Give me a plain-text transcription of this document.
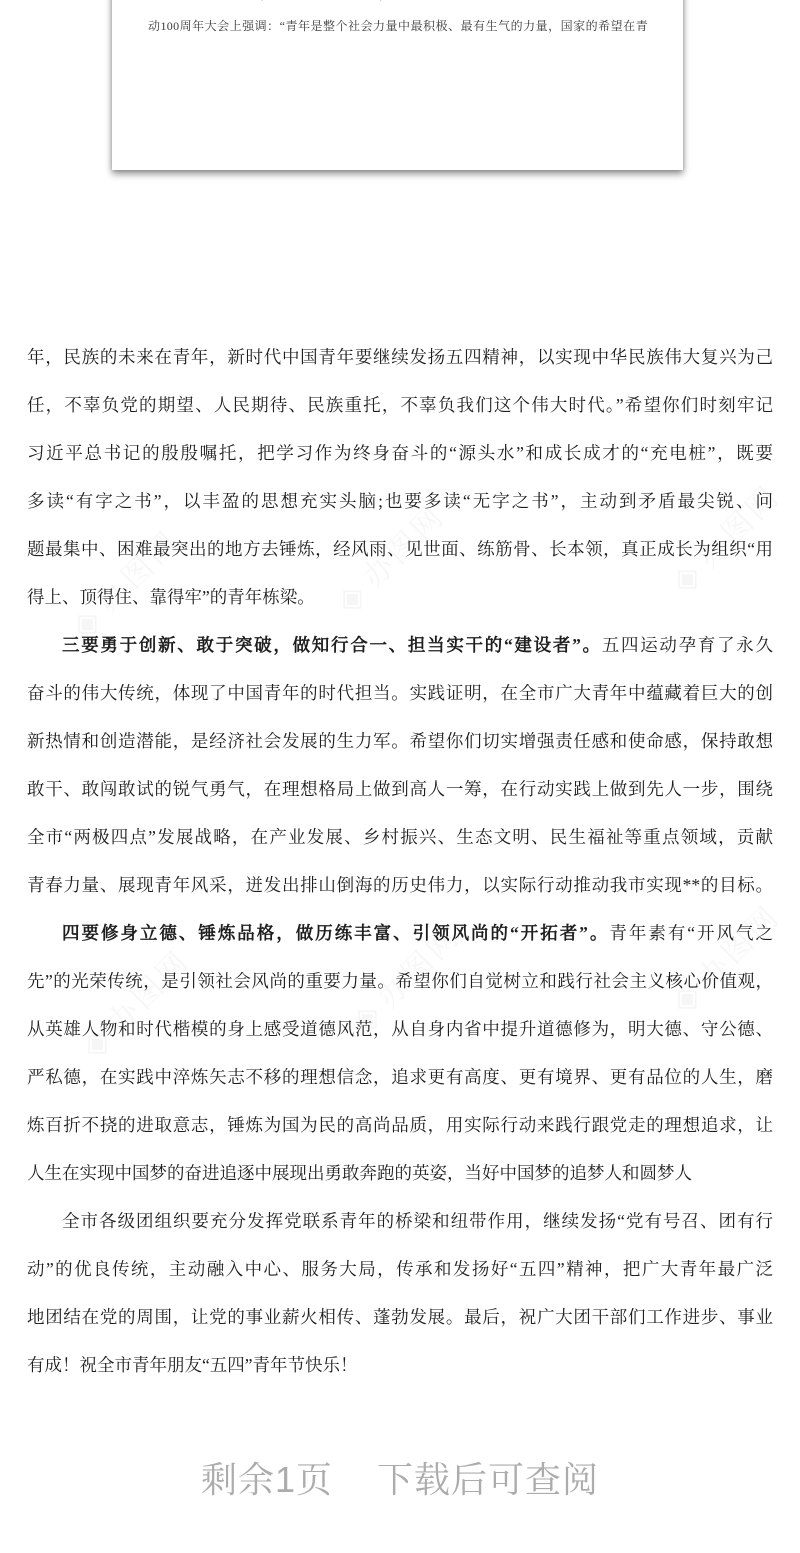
动100周年大会上强调：“青年是整个社会力量中最积极、最有生气的力量，国家的希望在青
年，民族的未来在青年，新时代中国青年要继续发扬五四精神，以实现中华民族伟大复兴为己
任，不辜负党的期望、人民期待、民族重托，不辜负我们这个伟大时代。”希望你们时刻牢记
习近平总书记的殷殷嘱托，把学习作为终身奋斗的“源头水”和成长成才的“充电桩”，既要
多读“有字之书”，以丰盈的思想充实头脑;也要多读“无字之书”，主动到矛盾最尖锐、问
题最集中、困难最突出的地方去锤炼，经风雨、见世面、练筋骨、长本领，真正成长为组织“用
得上、顶得住、靠得牢”的青年栋梁。
三要勇于创新、敢于突破，做知行合一、担当实干的“建设者”。五四运动孕育了永久
奋斗的伟大传统，体现了中国青年的时代担当。实践证明，在全市广大青年中蕴藏着巨大的创
新热情和创造潜能，是经济社会发展的生力军。希望你们切实增强责任感和使命感，保持敢想
敢干、敢闯敢试的锐气勇气，在理想格局上做到高人一筹，在行动实践上做到先人一步，围绕
全市“两极四点”发展战略，在产业发展、乡村振兴、生态文明、民生福祉等重点领域，贡献
青春力量、展现青年风采，迸发出排山倒海的历史伟力，以实际行动推动我市实现**的目标。
四要修身立德、锤炼品格，做历练丰富、引领风尚的“开拓者”。青年素有“开风气之
先”的光荣传统，是引领社会风尚的重要力量。希望你们自觉树立和践行社会主义核心价值观，
从英雄人物和时代楷模的身上感受道德风范，从自身内省中提升道德修为，明大德、守公德、
严私德，在实践中淬炼矢志不移的理想信念，追求更有高度、更有境界、更有品位的人生，磨
炼百折不挠的进取意志，锤炼为国为民的高尚品质，用实际行动来践行跟党走的理想追求，让
人生在实现中国梦的奋进追逐中展现出勇敢奔跑的英姿，当好中国梦的追梦人和圆梦人
全市各级团组织要充分发挥党联系青年的桥梁和纽带作用，继续发扬“党有号召、团有行
动”的优良传统，主动融入中心、服务大局，传承和发扬好“五四”精神，把广大青年最广泛
地团结在党的周围，让党的事业薪火相传、蓬勃发展。最后，祝广大团干部们工作进步、事业
有成！祝全市青年朋友“五四”青年节快乐！
剩余1页 下载后可查阅
